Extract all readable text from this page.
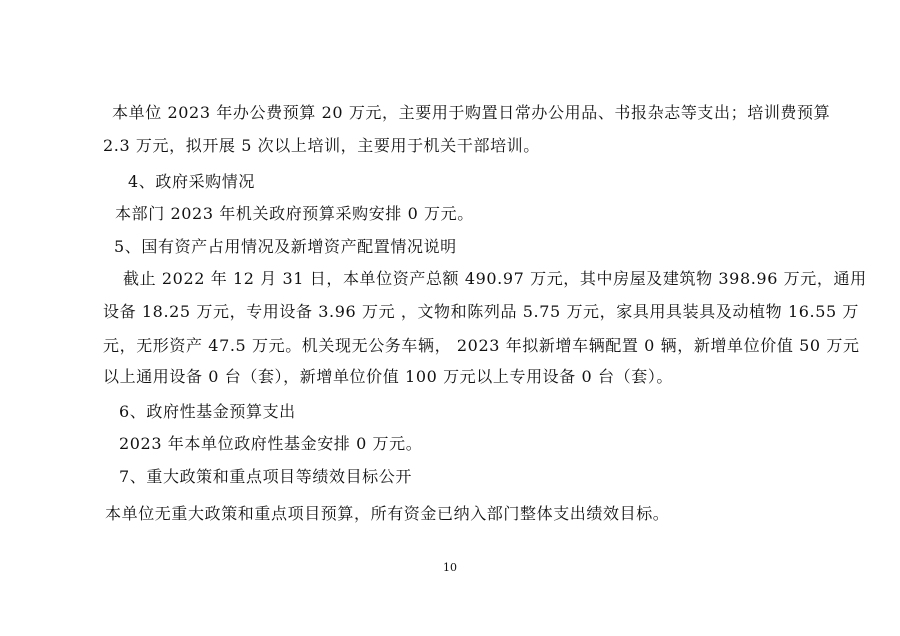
本单位 2023 年办公费预算 20 万元，主要用于购置日常办公用品、书报杂志等支出；培训费预算
2.3 万元，拟开展 5 次以上培训，主要用于机关干部培训。
4、政府采购情况
本部门 2023 年机关政府预算采购安排 0 万元。
5、国有资产占用情况及新增资产配置情况说明
截止 2022 年 12 月 31 日，本单位资产总额 490.97 万元，其中房屋及建筑物 398.96 万元，通用
设备 18.25 万元，专用设备 3.96 万元 ，文物和陈列品 5.75 万元，家具用具装具及动植物 16.55 万
元，无形资产 47.5 万元。机关现无公务车辆， 2023 年拟新增车辆配置 0 辆，新增单位价值 50 万元
以上通用设备 0 台（套），新增单位价值 100 万元以上专用设备 0 台（套）。
6、政府性基金预算支出
2023 年本单位政府性基金安排 0 万元。
7、重大政策和重点项目等绩效目标公开
本单位无重大政策和重点项目预算，所有资金已纳入部门整体支出绩效目标。
10
